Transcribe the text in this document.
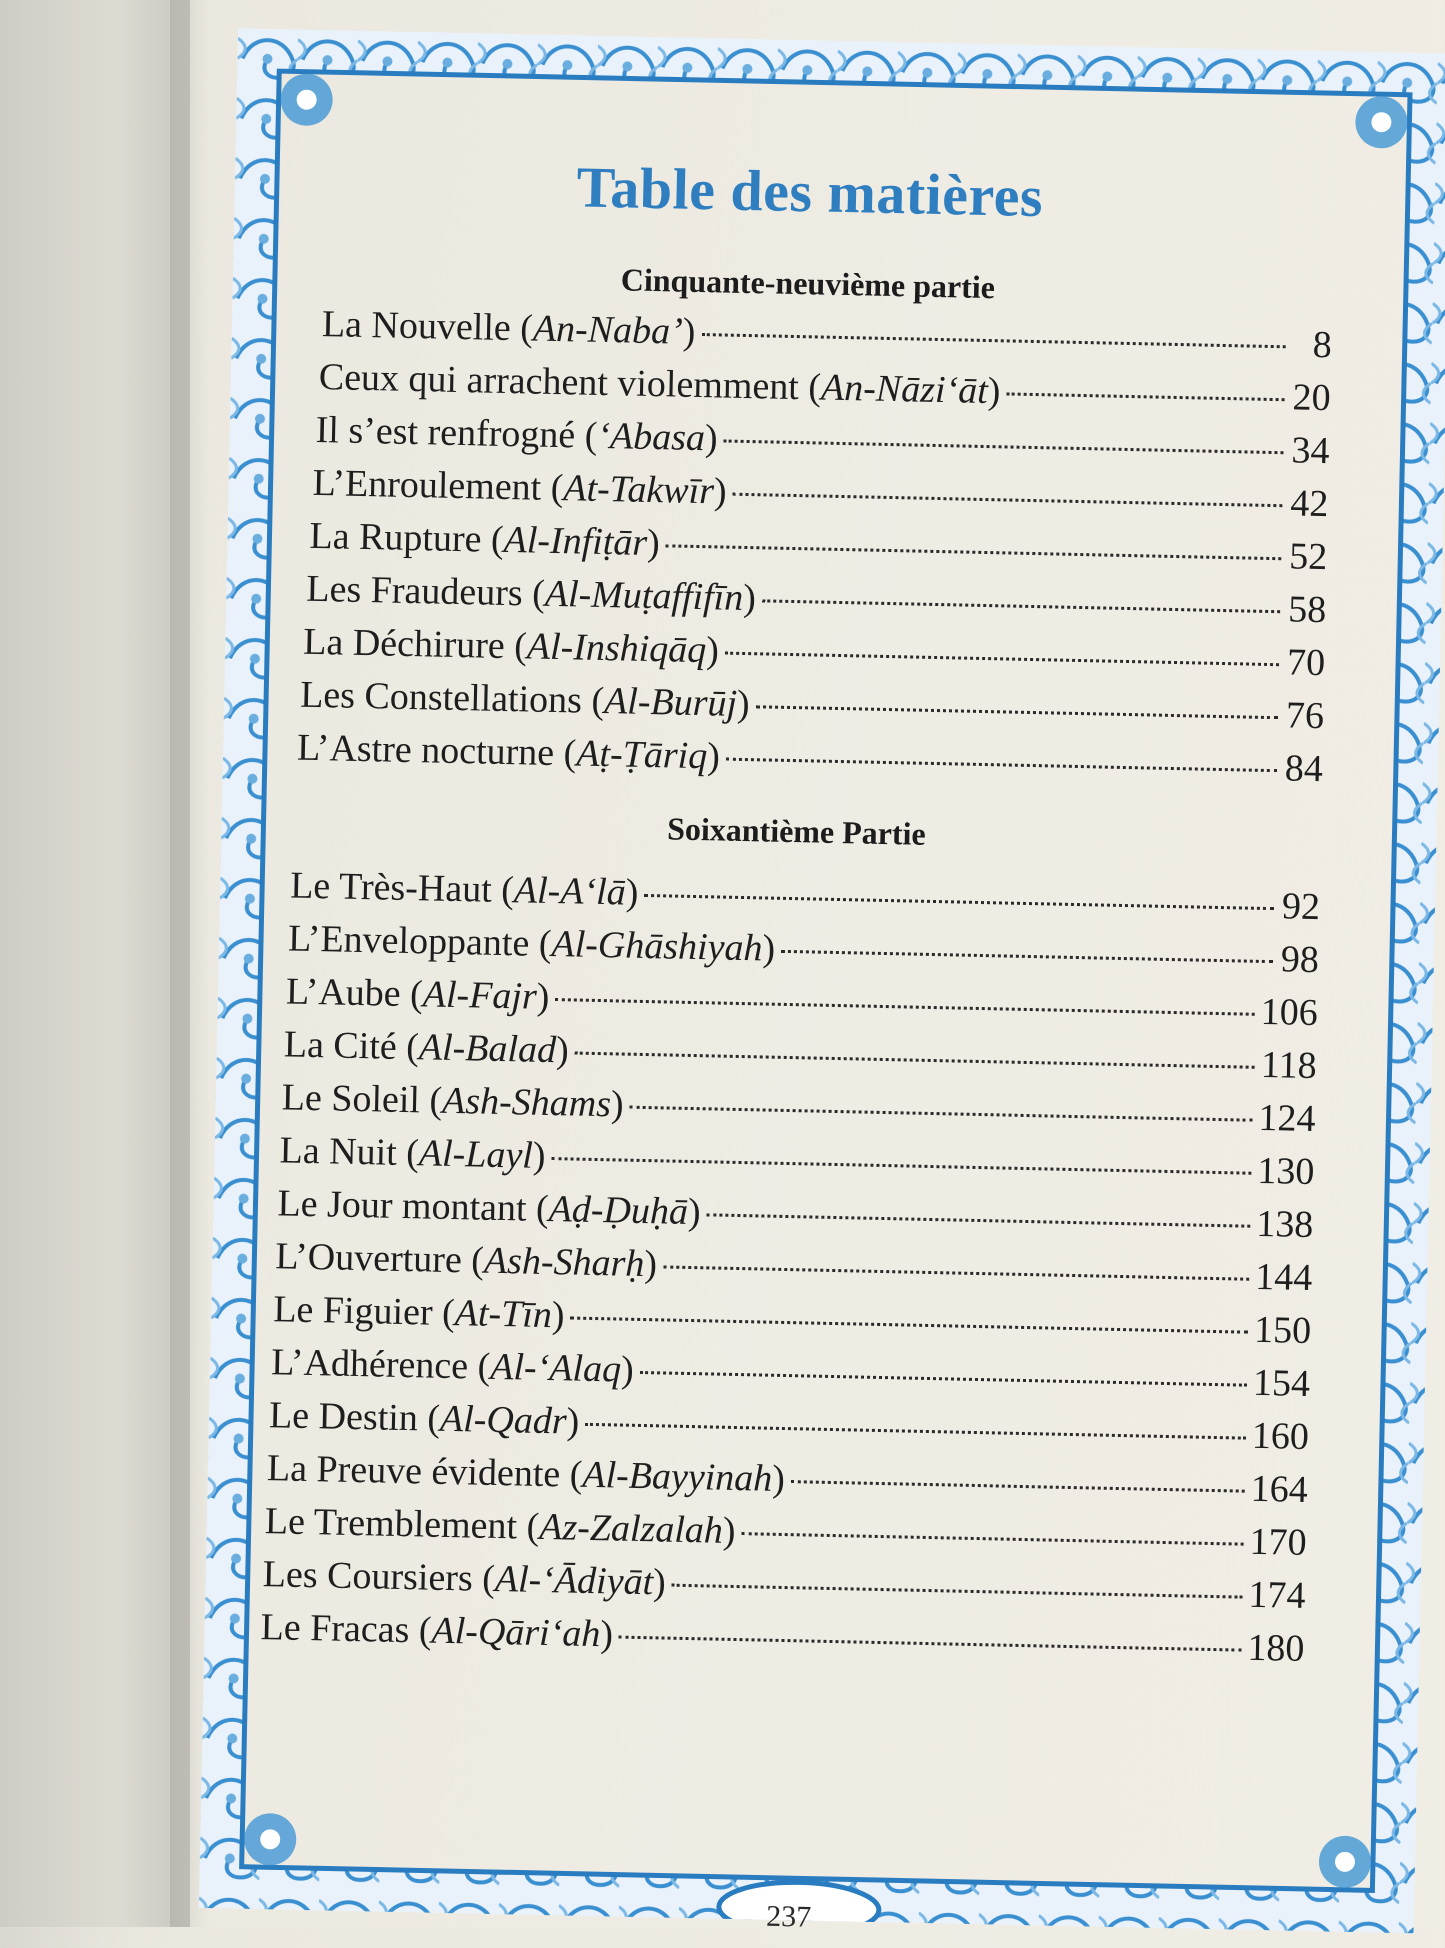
Table des matières
Cinquante-neuvième partie
La Nouvelle (An-Naba’)	8
Ceux qui arrachent violemment (An-Nāzi‘āt)	20
Il s’est renfrogné (‘Abasa)	34
L’Enroulement (At-Takwīr)	42
La Rupture (Al-Infiṭār)	52
Les Fraudeurs (Al-Muṭaffifīn)	58
La Déchirure (Al-Inshiqāq)	70
Les Constellations (Al-Burūj)	76
L’Astre nocturne (Aṭ-Ṭāriq)	84
Soixantième Partie
Le Très-Haut (Al-A‘lā)	92
L’Enveloppante (Al-Ghāshiyah)	98
L’Aube (Al-Fajr)	106
La Cité (Al-Balad)	118
Le Soleil (Ash-Shams)	124
La Nuit (Al-Layl)	130
Le Jour montant (Aḍ-Ḍuḥā)	138
L’Ouverture (Ash-Sharḥ)	144
Le Figuier (At-Tīn)	150
L’Adhérence (Al-‘Alaq)	154
Le Destin (Al-Qadr)	160
La Preuve évidente (Al-Bayyinah)	164
Le Tremblement (Az-Zalzalah)	170
Les Coursiers (Al-‘Ādiyāt)	174
Le Fracas (Al-Qāri‘ah)	180
237
